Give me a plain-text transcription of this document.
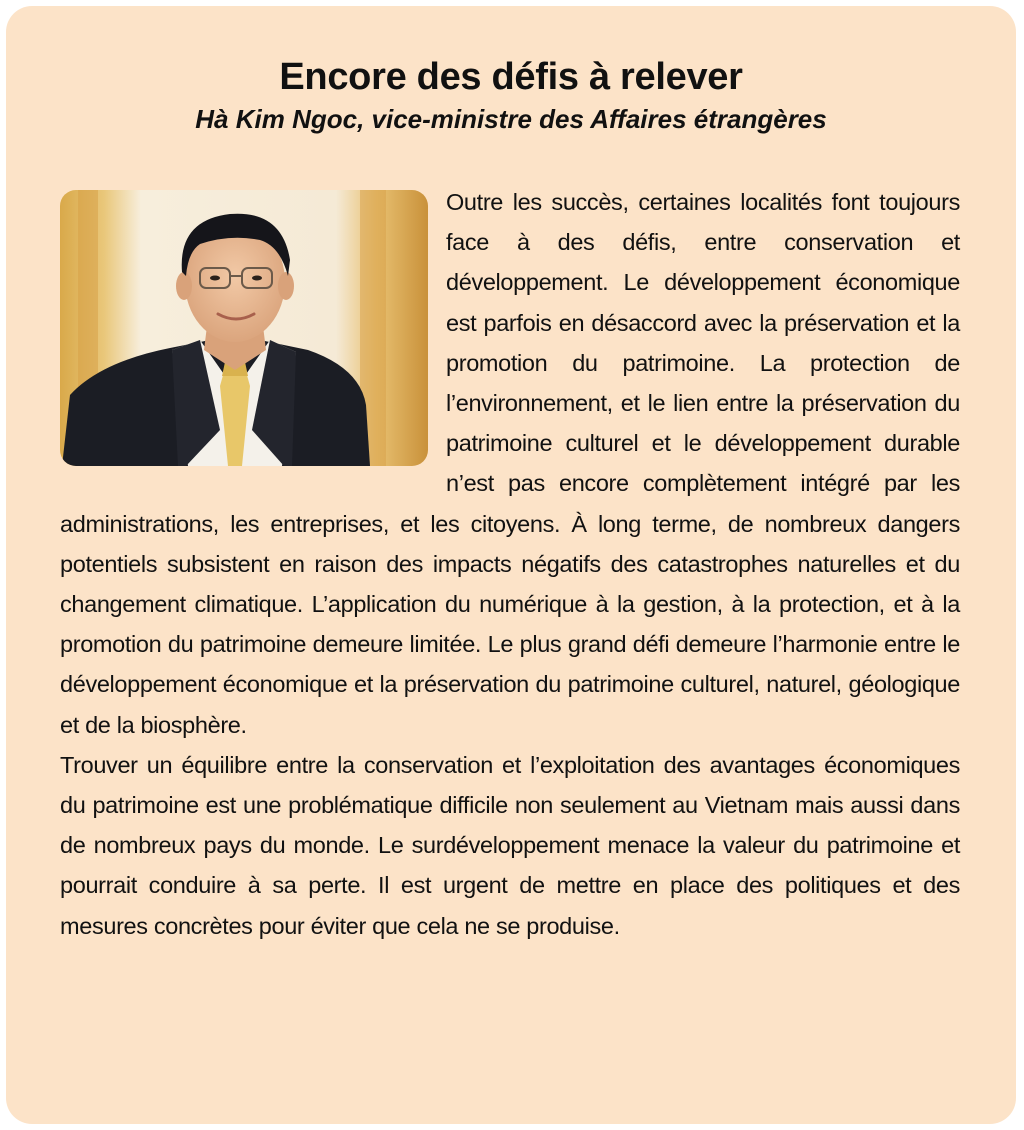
Encore des défis à relever
Hà Kim Ngoc, vice-ministre des Affaires étrangères

Outre les succès, certaines localités font toujours face à des défis, entre conservation et développement. Le développement économique est parfois en désaccord avec la préservation et la promotion du patrimoine. La protection de l’environnement, et le lien entre la préservation du patrimoine culturel et le développement durable n’est pas encore complètement intégré par les administrations, les entreprises, et les citoyens. À long terme, de nombreux dangers potentiels subsistent en raison des impacts négatifs des catastrophes naturelles et du changement climatique. L’application du numérique à la gestion, à la protection, et à la promotion du patrimoine demeure limitée. Le plus grand défi demeure l’harmonie entre le développement économique et la préservation du patrimoine culturel, naturel, géologique et de la biosphère.

Trouver un équilibre entre la conservation et l’exploitation des avantages économiques du patrimoine est une problématique difficile non seulement au Vietnam mais aussi dans de nombreux pays du monde. Le surdéveloppement menace la valeur du patrimoine et pourrait conduire à sa perte. Il est urgent de mettre en place des politiques et des mesures concrètes pour éviter que cela ne se produise.
